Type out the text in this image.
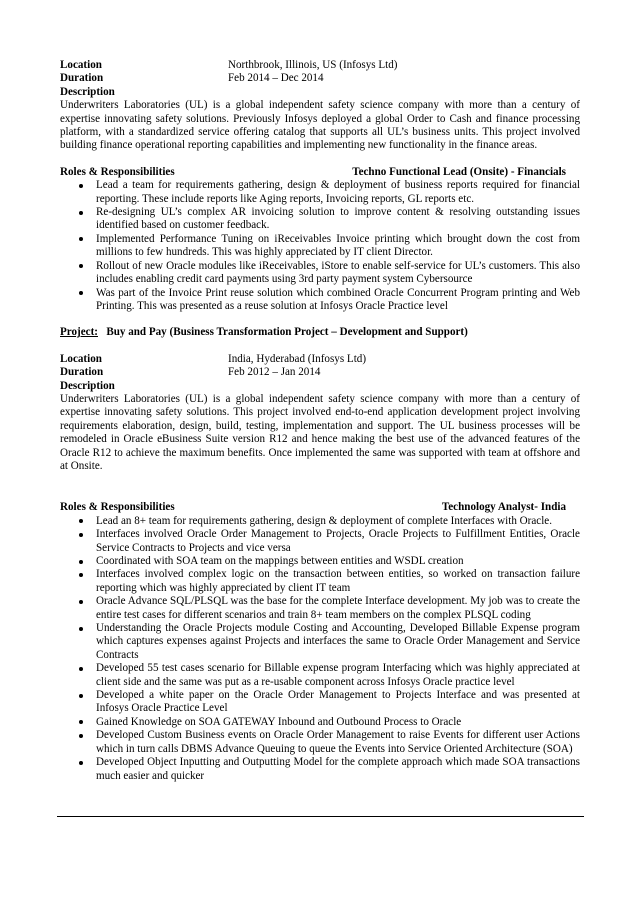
Location	Northbrook, Illinois, US (Infosys Ltd)
Duration	Feb 2014 – Dec 2014
Description
Underwriters Laboratories (UL) is a global independent safety science company with more than a century of expertise innovating safety solutions. Previously Infosys deployed a global Order to Cash and finance processing platform, with a standardized service offering catalog that supports all UL’s business units. This project involved building finance operational reporting capabilities and implementing new functionality in the finance areas.
Roles & Responsibilities	Techno Functional Lead (Onsite) - Financials
Lead a team for requirements gathering, design & deployment of business reports required for financial reporting. These include reports like Aging reports, Invoicing reports, GL reports etc.
Re-designing UL’s complex AR invoicing solution to improve content & resolving outstanding issues identified based on customer feedback.
Implemented Performance Tuning on iReceivables Invoice printing which brought down the cost from millions to few hundreds. This was highly appreciated by IT client Director.
Rollout of new Oracle modules like iReceivables, iStore to enable self-service for UL’s customers. This also includes enabling credit card payments using 3rd party payment system Cybersource
Was part of the Invoice Print reuse solution which combined Oracle Concurrent Program printing and Web Printing. This was presented as a reuse solution at Infosys Oracle Practice level
Project: Buy and Pay (Business Transformation Project – Development and Support)
Location	India, Hyderabad (Infosys Ltd)
Duration	Feb 2012 – Jan 2014
Description
Underwriters Laboratories (UL) is a global independent safety science company with more than a century of expertise innovating safety solutions. This project involved end-to-end application development project involving requirements elaboration, design, build, testing, implementation and support. The UL business processes will be remodeled in Oracle eBusiness Suite version R12 and hence making the best use of the advanced features of the Oracle R12 to achieve the maximum benefits. Once implemented the same was supported with team at offshore and at Onsite.
Roles & Responsibilities	Technology Analyst- India
Lead an 8+ team for requirements gathering, design & deployment of complete Interfaces with Oracle.
Interfaces involved Oracle Order Management to Projects, Oracle Projects to Fulfillment Entities, Oracle Service Contracts to Projects and vice versa
Coordinated with SOA team on the mappings between entities and WSDL creation
Interfaces involved complex logic on the transaction between entities, so worked on transaction failure reporting which was highly appreciated by client IT team
Oracle Advance SQL/PLSQL was the base for the complete Interface development. My job was to create the entire test cases for different scenarios and train 8+ team members on the complex PLSQL coding
Understanding the Oracle Projects module Costing and Accounting, Developed Billable Expense program which captures expenses against Projects and interfaces the same to Oracle Order Management and Service Contracts
Developed 55 test cases scenario for Billable expense program Interfacing which was highly appreciated at client side and the same was put as a re-usable component across Infosys Oracle practice level
Developed a white paper on the Oracle Order Management to Projects Interface and was presented at Infosys Oracle Practice Level
Gained Knowledge on SOA GATEWAY Inbound and Outbound Process to Oracle
Developed Custom Business events on Oracle Order Management to raise Events for different user Actions which in turn calls DBMS Advance Queuing to queue the Events into Service Oriented Architecture (SOA)
Developed Object Inputting and Outputting Model for the complete approach which made SOA transactions much easier and quicker
